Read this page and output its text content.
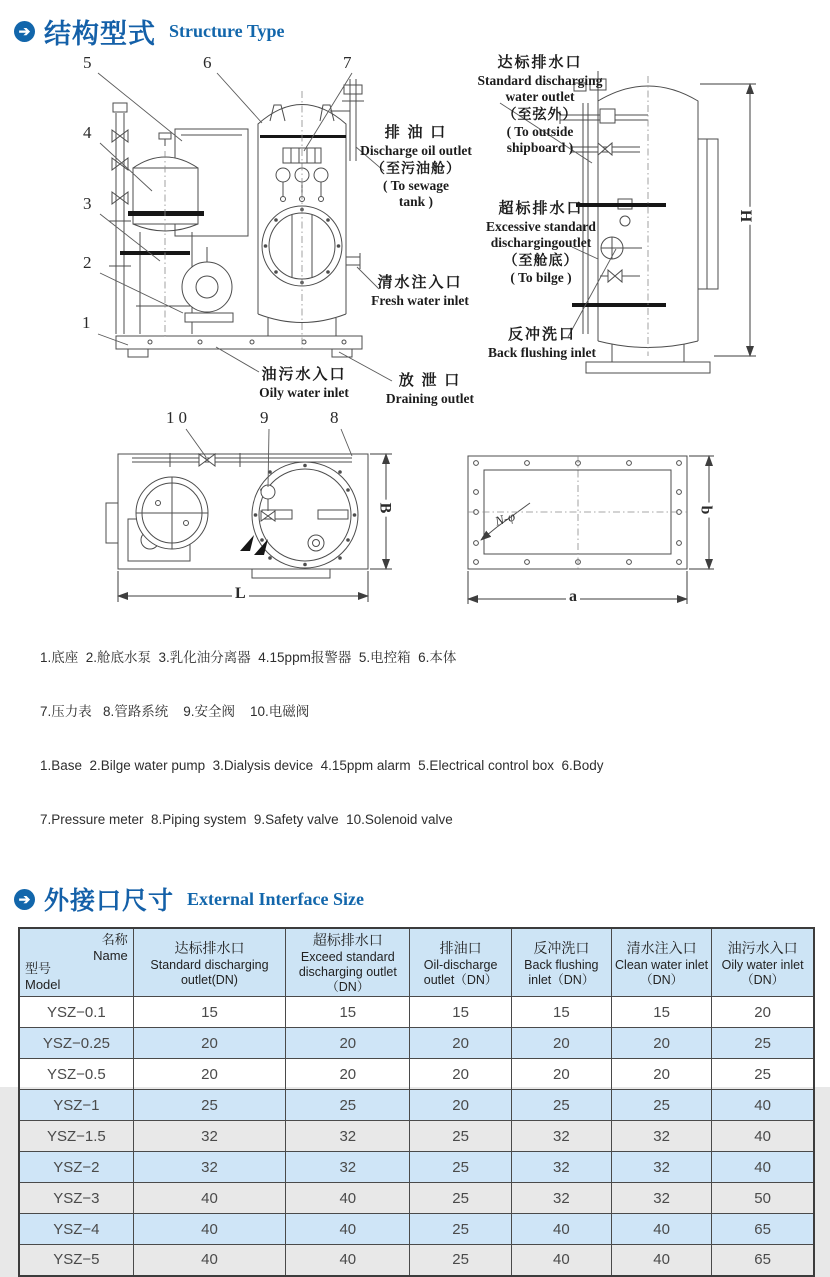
➔ 结构型式 Structure Type
1
2
3
4
5	6	7
8
9
10
达标排水口
Standard discharging water outlet
（至弦外）
( To outside shipboard )
排 油 口
Discharge oil outlet
（至污油舱）
( To sewage tank )	超标排水口
Excessive standard dischargingoutlet
（至舱底）
( To bilge )
清水注入口
Fresh water inlet
反冲洗口
Back flushing inlet
油污水入口
Oily water inlet
放 泄 口
Draining outlet
H
L
B
a
b
N-φ

1.底座  2.舱底水泵  3.乳化油分离器  4.15ppm报警器  5.电控箱  6.本体

7.压力表   8.管路系统    9.安全阀    10.电磁阀

1.Base  2.Bilge water pump  3.Dialysis device  4.15ppm alarm  5.Electrical control box  6.Body

7.Pressure meter  8.Piping system  9.Safety valve  10.Solenoid valve

➔ 外接口尺寸 External Interface Size
名称
Name
型号
Model	达标排水口
Standard discharging outlet(DN)	超标排水口
Exceed standard discharging outlet （DN）	排油口
Oil-discharge outlet（DN）	反冲洗口
Back flushing inlet（DN）	清水注入口
Clean water inlet（DN）	油污水入口
Oily water inlet（DN）

YSZ−0.1	15	15	15	15	15	20
YSZ−0.25	20	20	20	20	20	25
YSZ−0.5	20	20	20	20	20	25
YSZ−1	25	25	20	25	25	40
YSZ−1.5	32	32	25	32	32	40
YSZ−2	32	32	25	32	32	40
YSZ−3	40	40	25	32	32	50
YSZ−4	40	40	25	40	40	65
YSZ−5	40	40	25	40	40	65
